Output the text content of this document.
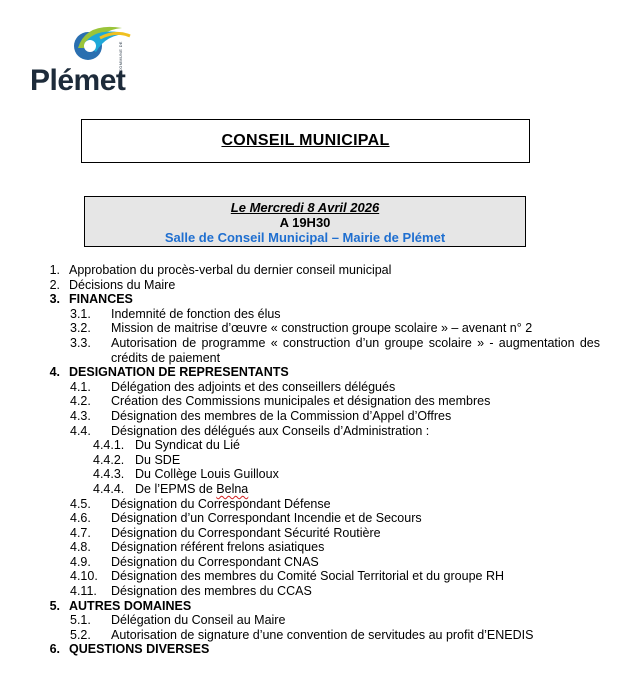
COMMUNE DE
Plémet
CONSEIL MUNICIPAL
Le Mercredi 8 Avril 2026
A 19H30
Salle de Conseil Municipal – Mairie de Plémet
1. Approbation du procès-verbal du dernier conseil municipal
2. Décisions du Maire
3. FINANCES
3.1. Indemnité de fonction des élus
3.2. Mission de maitrise d’œuvre « construction groupe scolaire » – avenant n° 2
3.3. Autorisation de programme « construction d’un groupe scolaire » - augmentation des crédits de paiement
4. DESIGNATION DE REPRESENTANTS
4.1. Délégation des adjoints et des conseillers délégués
4.2. Création des Commissions municipales et désignation des membres
4.3. Désignation des membres de la Commission d’Appel d’Offres
4.4. Désignation des délégués aux Conseils d’Administration :
4.4.1. Du Syndicat du Lié
4.4.2. Du SDE
4.4.3. Du Collège Louis Guilloux
4.4.4. De l’EPMS de Belna
4.5. Désignation du Correspondant Défense
4.6. Désignation d’un Correspondant Incendie et de Secours
4.7. Désignation du Correspondant Sécurité Routière
4.8. Désignation référent frelons asiatiques
4.9. Désignation du Correspondant CNAS
4.10. Désignation des membres du Comité Social Territorial et du groupe RH
4.11. Désignation des membres du CCAS
5. AUTRES DOMAINES
5.1. Délégation du Conseil au Maire
5.2. Autorisation de signature d’une convention de servitudes au profit d’ENEDIS
6. QUESTIONS DIVERSES
